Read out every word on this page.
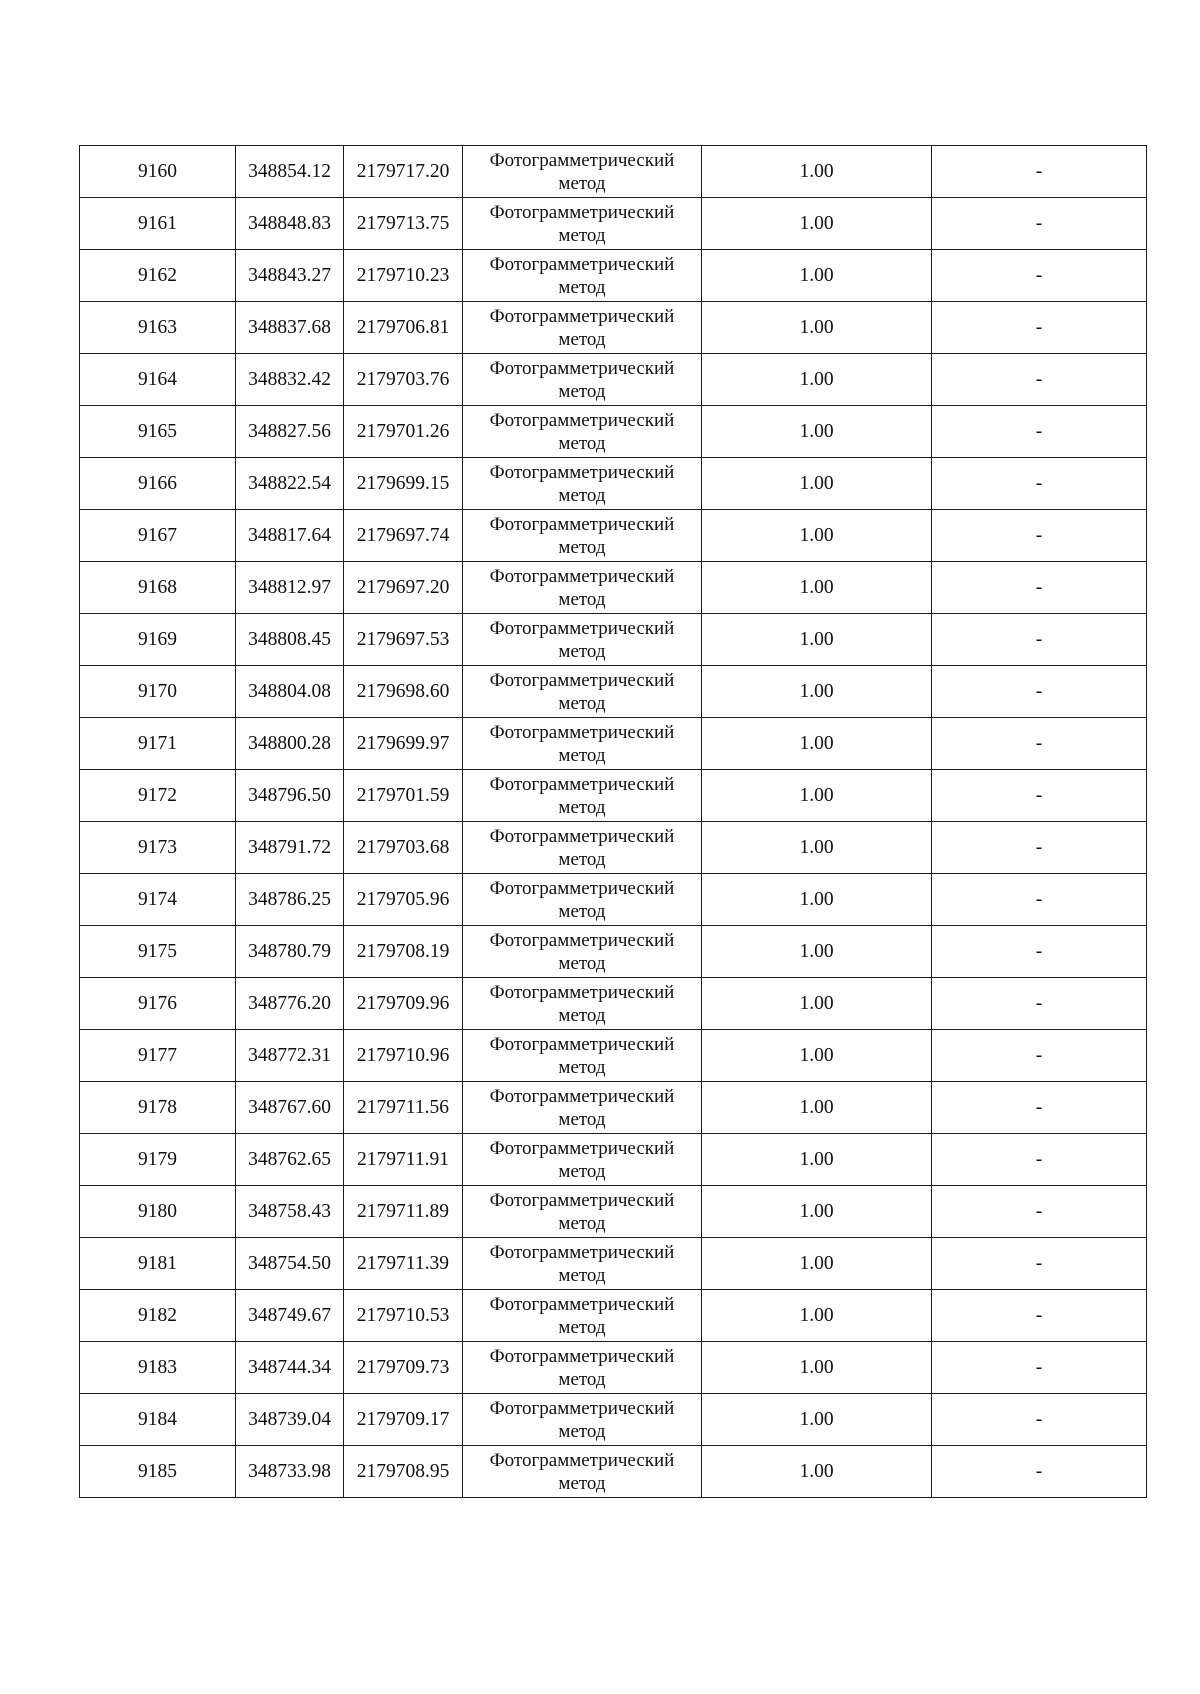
9160	348854.12	2179717.20	Фотограмметрический
метод	1.00	-
9161	348848.83	2179713.75	Фотограмметрический
метод	1.00	-
9162	348843.27	2179710.23	Фотограмметрический
метод	1.00	-
9163	348837.68	2179706.81	Фотограмметрический
метод	1.00	-
9164	348832.42	2179703.76	Фотограмметрический
метод	1.00	-
9165	348827.56	2179701.26	Фотограмметрический
метод	1.00	-
9166	348822.54	2179699.15	Фотограмметрический
метод	1.00	-
9167	348817.64	2179697.74	Фотограмметрический
метод	1.00	-
9168	348812.97	2179697.20	Фотограмметрический
метод	1.00	-
9169	348808.45	2179697.53	Фотограмметрический
метод	1.00	-
9170	348804.08	2179698.60	Фотограмметрический
метод	1.00	-
9171	348800.28	2179699.97	Фотограмметрический
метод	1.00	-
9172	348796.50	2179701.59	Фотограмметрический
метод	1.00	-
9173	348791.72	2179703.68	Фотограмметрический
метод	1.00	-
9174	348786.25	2179705.96	Фотограмметрический
метод	1.00	-
9175	348780.79	2179708.19	Фотограмметрический
метод	1.00	-
9176	348776.20	2179709.96	Фотограмметрический
метод	1.00	-
9177	348772.31	2179710.96	Фотограмметрический
метод	1.00	-
9178	348767.60	2179711.56	Фотограмметрический
метод	1.00	-
9179	348762.65	2179711.91	Фотограмметрический
метод	1.00	-
9180	348758.43	2179711.89	Фотограмметрический
метод	1.00	-
9181	348754.50	2179711.39	Фотограмметрический
метод	1.00	-
9182	348749.67	2179710.53	Фотограмметрический
метод	1.00	-
9183	348744.34	2179709.73	Фотограмметрический
метод	1.00	-
9184	348739.04	2179709.17	Фотограмметрический
метод	1.00	-
9185	348733.98	2179708.95	Фотограмметрический
метод	1.00	-
